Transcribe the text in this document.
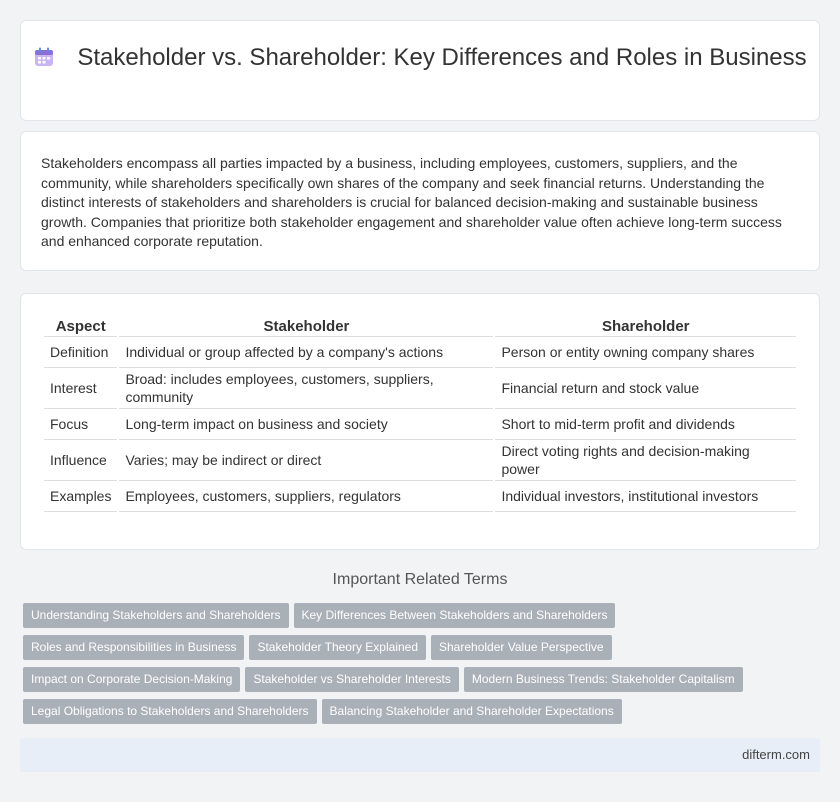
Stakeholder vs. Shareholder: Key Differences and Roles in Business

Stakeholders encompass all parties impacted by a business, including employees, customers, suppliers, and the community, while shareholders specifically own shares of the company and seek financial returns. Understanding the distinct interests of stakeholders and shareholders is crucial for balanced decision-making and sustainable business growth. Companies that prioritize both stakeholder engagement and shareholder value often achieve long-term success and enhanced corporate reputation.

Aspect	Stakeholder	Shareholder
Definition	Individual or group affected by a company's actions	Person or entity owning company shares
Interest	Broad: includes employees, customers, suppliers, community	Financial return and stock value
Focus	Long-term impact on business and society	Short to mid-term profit and dividends
Influence	Varies; may be indirect or direct	Direct voting rights and decision-making power
Examples	Employees, customers, suppliers, regulators	Individual investors, institutional investors
Important Related Terms
Understanding Stakeholders and Shareholders Key Differences Between Stakeholders and Shareholders
Roles and Responsibilities in Business Stakeholder Theory Explained Shareholder Value Perspective
Impact on Corporate Decision-Making Stakeholder vs Shareholder Interests Modern Business Trends: Stakeholder Capitalism
Legal Obligations to Stakeholders and Shareholders Balancing Stakeholder and Shareholder Expectations
difterm.com
